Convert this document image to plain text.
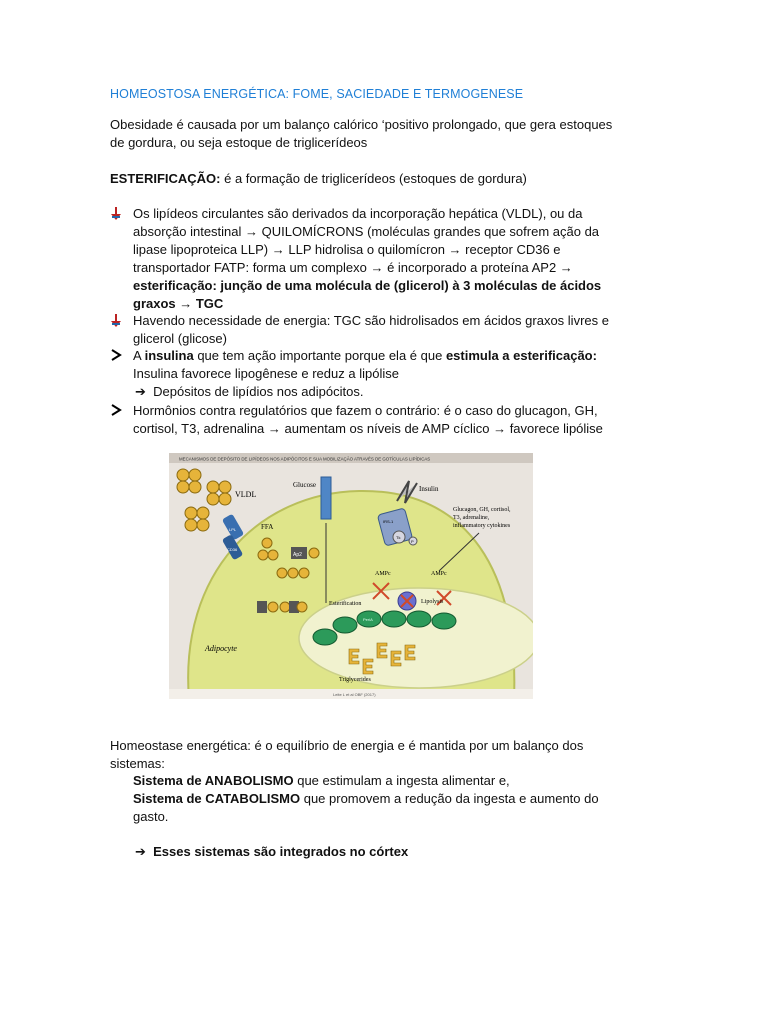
HOMEOSTOSA ENERGÉTICA: FOME, SACIEDADE E TERMOGENESE
Obesidade é causada por um balanço calórico ‘positivo prolongado, que gera estoques
de gordura, ou seja estoque de triglicerídeos
ESTERIFICAÇÃO: é a formação de triglicerídeos (estoques de gordura)
Os lipídeos circulantes são derivados da incorporação hepática (VLDL), ou da
absorção intestinal → QUILOMÍCRONS (moléculas grandes que sofrem ação da
lipase lipoproteica LLP) → LLP hidrolisa o quilomícron → receptor CD36 e
transportador FATP: forma um complexo → é incorporado a proteína AP2 →
esterificação: junção de uma molécula de (glicerol) à 3 moléculas de ácidos
graxos → TGC
Havendo necessidade de energia: TGC são hidrolisados em ácidos graxos livres e
glicerol (glicose)
A insulina que tem ação importante porque ela é que estimula a esterificação:
Insulina favorece lipogênese e reduz a lipólise
➔ Depósitos de lipídios nos adipócitos.
Hormônios contra regulatórios que fazem o contrário: é o caso do glucagon, GH,
cortisol, T3, adrenalina → aumentam os níveis de AMP cíclico → favorece lipólise
MECANISMOS DE DEPÓSITO DE LIPÍDEOS NOS ADIPÓCITOS E SUA MOBILIZAÇÃO ATRAVÉS DE GOTÍCULAS LIPÍDICAS
VLDL
LPL
CD36
FFA
Ap2
Glucose	Insulin
IRS-1
Tk
P
Glucagon, GH, cortisol,
T3, adrenaline,
inflammatory cytokines
AMPc	AMPc
Lipolysis
Esterification
PeriA
Triglycerides
Adipocyte
Leite L et al OBF (2017)
Homeostase energética: é o equilíbrio de energia e é mantida por um balanço dos
sistemas:
Sistema de ANABOLISMO que estimulam a ingesta alimentar e,
Sistema de CATABOLISMO que promovem a redução da ingesta e aumento do
gasto.
➔ Esses sistemas são integrados no córtex
